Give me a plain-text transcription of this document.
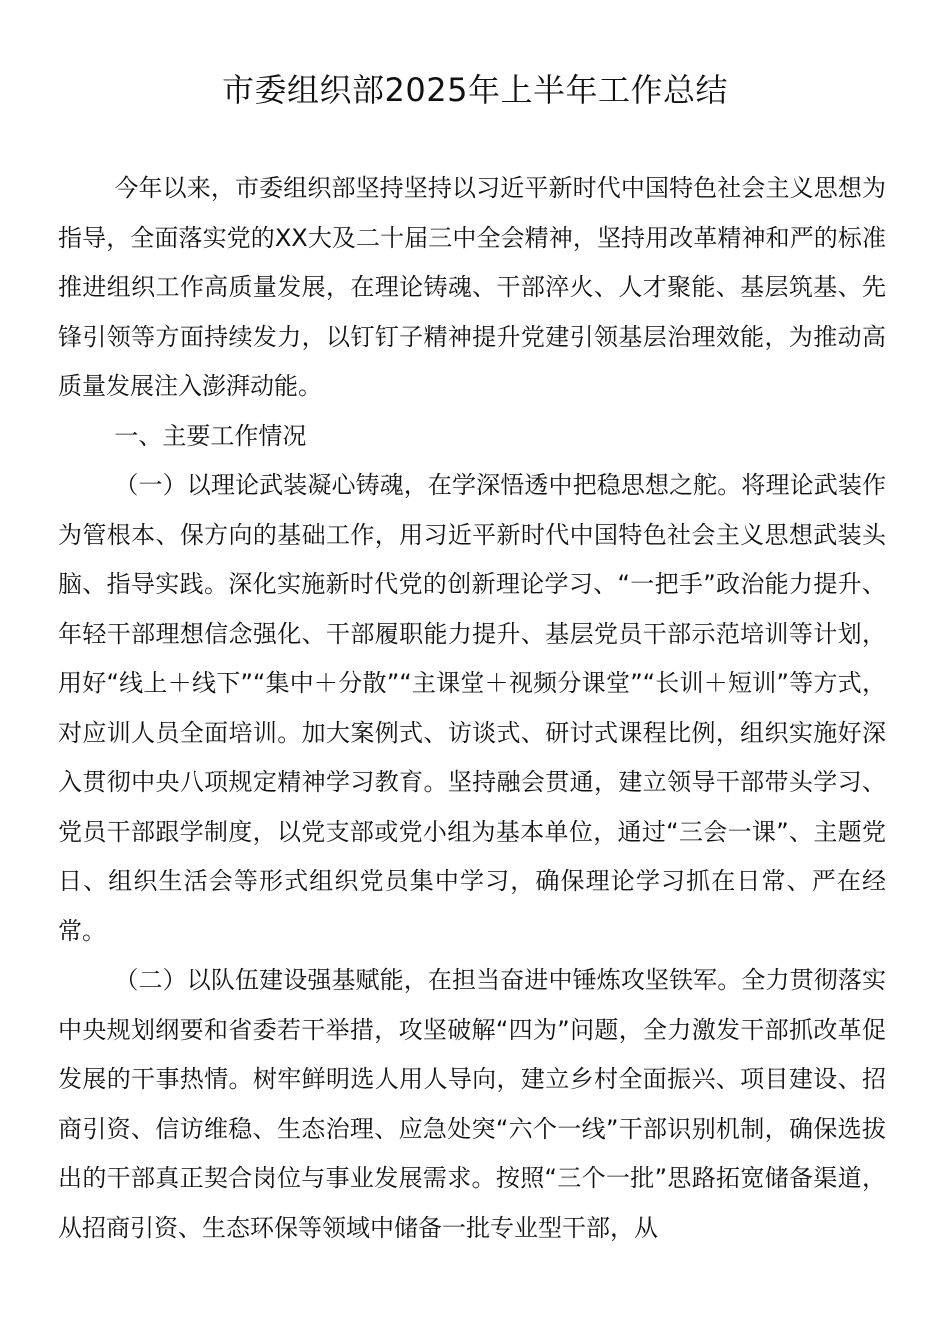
市委组织部2025年上半年工作总结

今年以来，市委组织部坚持坚持以习近平新时代中国特色社会主义思想为指导，全面落实党的XX大及二十届三中全会精神，坚持用改革精神和严的标准推进组织工作高质量发展，在理论铸魂、干部淬火、人才聚能、基层筑基、先锋引领等方面持续发力，以钉钉子精神提升党建引领基层治理效能，为推动高质量发展注入澎湃动能。

一、主要工作情况

（一）以理论武装凝心铸魂，在学深悟透中把稳思想之舵。将理论武装作为管根本、保方向的基础工作，用习近平新时代中国特色社会主义思想武装头脑、指导实践。深化实施新时代党的创新理论学习、“一把手”政治能力提升、年轻干部理想信念强化、干部履职能力提升、基层党员干部示范培训等计划，用好“线上＋线下”“集中＋分散”“主课堂＋视频分课堂”“长训＋短训”等方式，对应训人员全面培训。加大案例式、访谈式、研讨式课程比例，组织实施好深入贯彻中央八项规定精神学习教育。坚持融会贯通，建立领导干部带头学习、党员干部跟学制度，以党支部或党小组为基本单位，通过“三会一课”、主题党日、组织生活会等形式组织党员集中学习，确保理论学习抓在日常、严在经常。

（二）以队伍建设强基赋能，在担当奋进中锤炼攻坚铁军。全力贯彻落实中央规划纲要和省委若干举措，攻坚破解“四为”问题，全力激发干部抓改革促发展的干事热情。树牢鲜明选人用人导向，建立乡村全面振兴、项目建设、招商引资、信访维稳、生态治理、应急处突“六个一线”干部识别机制，确保选拔出的干部真正契合岗位与事业发展需求。按照“三个一批”思路拓宽储备渠道，从招商引资、生态环保等领域中储备一批专业型干部，从
